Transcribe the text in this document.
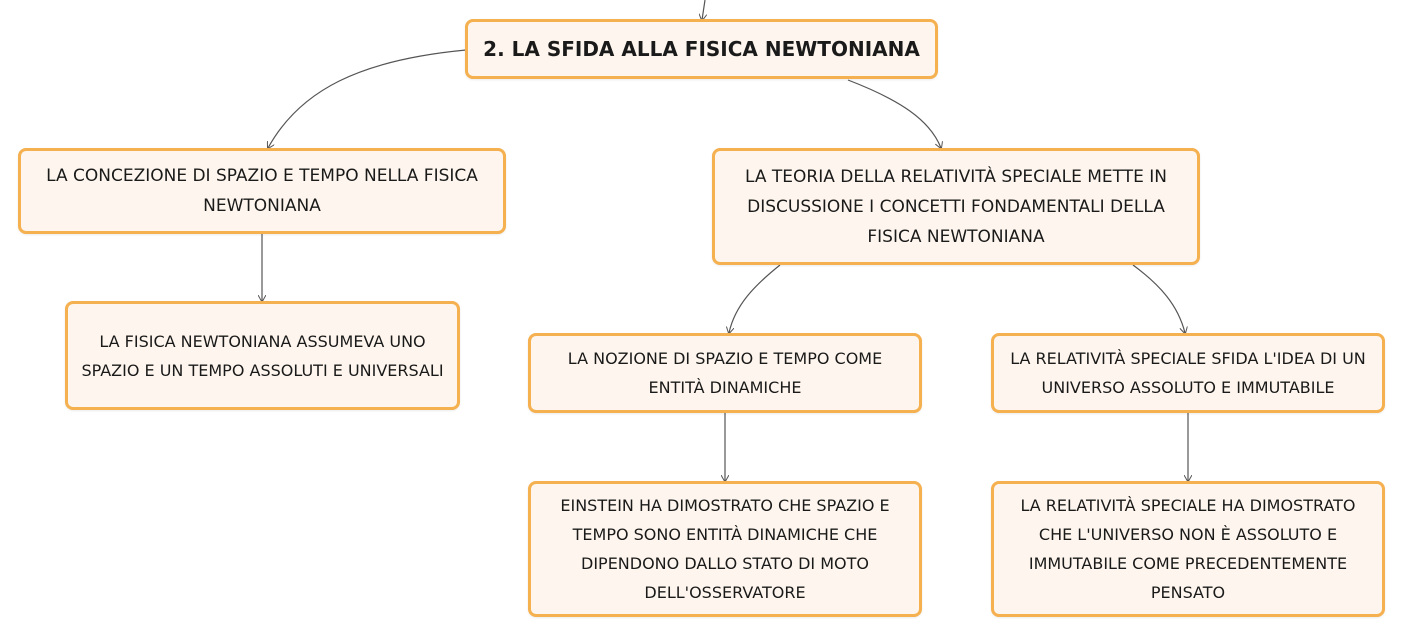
2. LA SFIDA ALLA FISICA NEWTONIANA
LA CONCEZIONE DI SPAZIO E TEMPO NELLA FISICA NEWTONIANA
LA FISICA NEWTONIANA ASSUMEVA UNO SPAZIO E UN TEMPO ASSOLUTI E UNIVERSALI
LA TEORIA DELLA RELATIVITÀ SPECIALE METTE IN DISCUSSIONE I CONCETTI FONDAMENTALI DELLA FISICA NEWTONIANA
LA NOZIONE DI SPAZIO E TEMPO COME ENTITÀ DINAMICHE
EINSTEIN HA DIMOSTRATO CHE SPAZIO E TEMPO SONO ENTITÀ DINAMICHE CHE DIPENDONO DALLO STATO DI MOTO DELL'OSSERVATORE
LA RELATIVITÀ SPECIALE SFIDA L'IDEA DI UN UNIVERSO ASSOLUTO E IMMUTABILE
LA RELATIVITÀ SPECIALE HA DIMOSTRATO CHE L'UNIVERSO NON È ASSOLUTO E IMMUTABILE COME PRECEDENTEMENTE PENSATO
